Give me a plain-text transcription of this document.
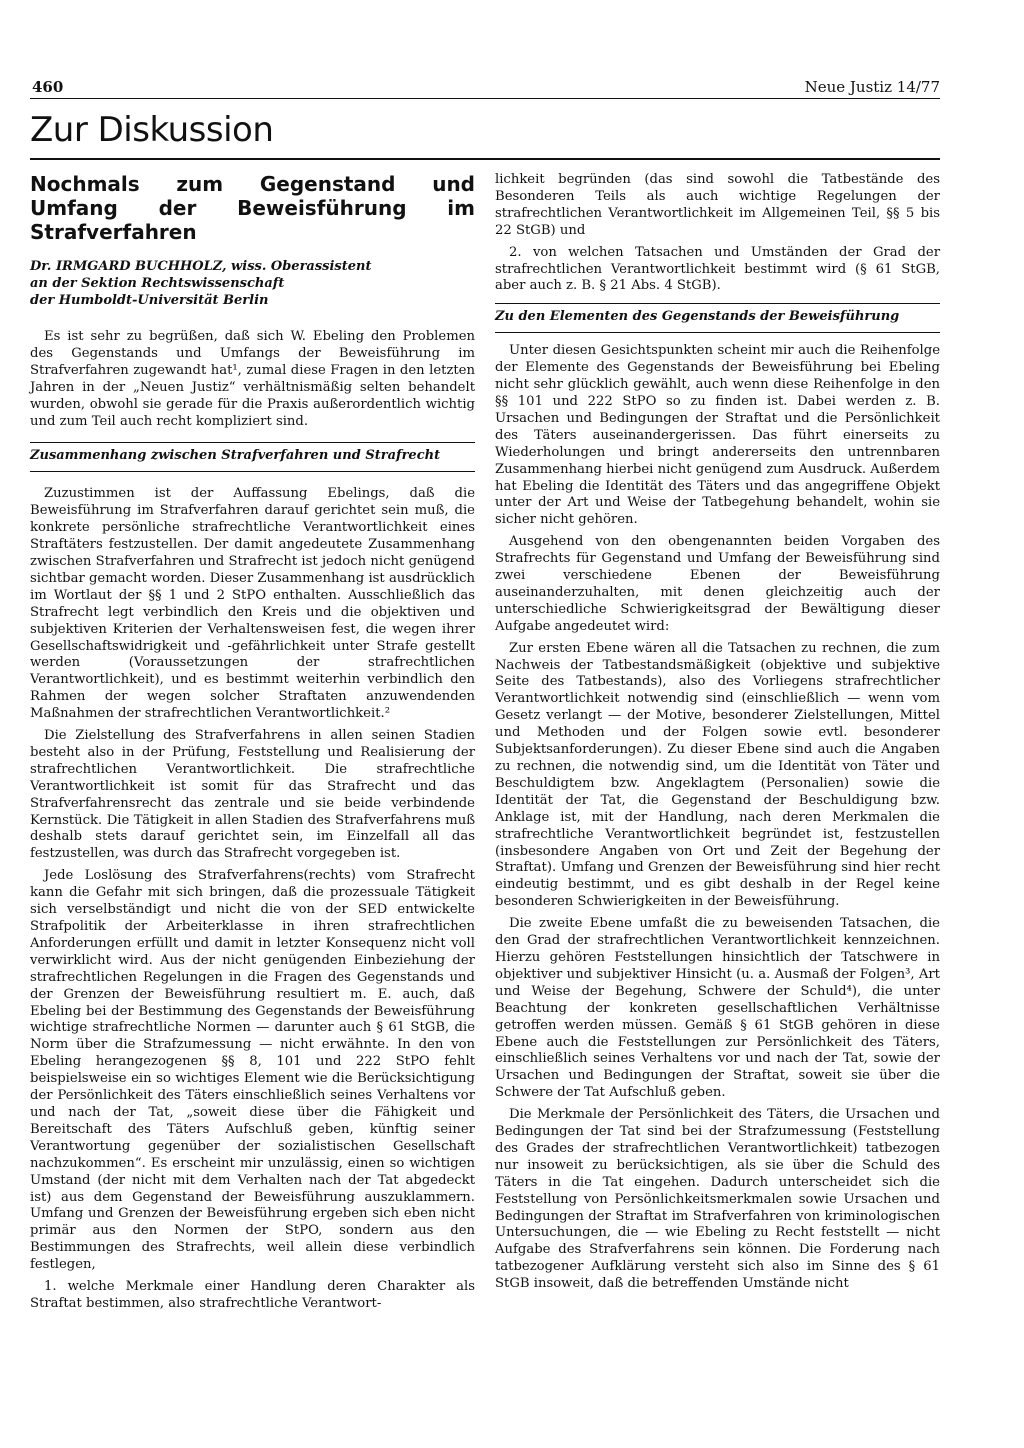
460	Neue Justiz 14/77
Zur Diskussion
Nochmals zum Gegenstand und Umfang der Beweisführung im Strafverfahren
Dr. IRMGARD BUCHHOLZ, wiss. Oberassistent
an der Sektion Rechtswissenschaft
der Humboldt-Universität Berlin

Es ist sehr zu begrüßen, daß sich W. Ebeling den Problemen des Gegenstands und Umfangs der Beweisführung im Strafverfahren zugewandt hat¹, zumal diese Fragen in den letzten Jahren in der „Neuen Justiz“ verhältnismäßig selten behandelt wurden, obwohl sie gerade für die Praxis außerordentlich wichtig und zum Teil auch recht kompliziert sind.

Zusammenhang zwischen Strafverfahren und Strafrecht

Zuzustimmen ist der Auffassung Ebelings, daß die Beweisführung im Strafverfahren darauf gerichtet sein muß, die konkrete persönliche strafrechtliche Verantwortlichkeit eines Straftäters festzustellen. Der damit angedeutete Zusammenhang zwischen Strafverfahren und Strafrecht ist jedoch nicht genügend sichtbar gemacht worden. Dieser Zusammenhang ist ausdrücklich im Wortlaut der §§ 1 und 2 StPO enthalten. Ausschließlich das Strafrecht legt verbindlich den Kreis und die objektiven und subjektiven Kriterien der Verhaltensweisen fest, die wegen ihrer Gesellschaftswidrigkeit und -gefährlichkeit unter Strafe gestellt werden (Voraussetzungen der strafrechtlichen Verantwortlichkeit), und es bestimmt weiterhin verbindlich den Rahmen der wegen solcher Straftaten anzuwendenden Maßnahmen der strafrechtlichen Verantwortlichkeit.²

Die Zielstellung des Strafverfahrens in allen seinen Stadien besteht also in der Prüfung, Feststellung und Realisierung der strafrechtlichen Verantwortlichkeit. Die strafrechtliche Verantwortlichkeit ist somit für das Strafrecht und das Strafverfahrensrecht das zentrale und sie beide verbindende Kernstück. Die Tätigkeit in allen Stadien des Strafverfahrens muß deshalb stets darauf gerichtet sein, im Einzelfall all das festzustellen, was durch das Strafrecht vorgegeben ist.

Jede Loslösung des Strafverfahrens(rechts) vom Strafrecht kann die Gefahr mit sich bringen, daß die prozessuale Tätigkeit sich verselbständigt und nicht die von der SED entwickelte Strafpolitik der Arbeiterklasse in ihren strafrechtlichen Anforderungen erfüllt und damit in letzter Konsequenz nicht voll verwirklicht wird. Aus der nicht genügenden Einbeziehung der strafrechtlichen Regelungen in die Fragen des Gegenstands und der Grenzen der Beweisführung resultiert m. E. auch, daß Ebeling bei der Bestimmung des Gegenstands der Beweisführung wichtige strafrechtliche Normen — darunter auch § 61 StGB, die Norm über die Strafzumessung — nicht erwähnte. In den von Ebeling herangezogenen §§ 8, 101 und 222 StPO fehlt beispielsweise ein so wichtiges Element wie die Berücksichtigung der Persönlichkeit des Täters einschließlich seines Verhaltens vor und nach der Tat, „soweit diese über die Fähigkeit und Bereitschaft des Täters Aufschluß geben, künftig seiner Verantwortung gegenüber der sozialistischen Gesellschaft nachzukommen“. Es erscheint mir unzulässig, einen so wichtigen Umstand (der nicht mit dem Verhalten nach der Tat abgedeckt ist) aus dem Gegenstand der Beweisführung auszuklammern. Umfang und Grenzen der Beweisführung ergeben sich eben nicht primär aus den Normen der StPO, sondern aus den Bestimmungen des Strafrechts, weil allein diese verbindlich festlegen,

1. welche Merkmale einer Handlung deren Charakter als Straftat bestimmen, also strafrechtliche Verantwort-

lichkeit begründen (das sind sowohl die Tatbestände des Besonderen Teils als auch wichtige Regelungen der strafrechtlichen Verantwortlichkeit im Allgemeinen Teil, §§ 5 bis 22 StGB) und

2. von welchen Tatsachen und Umständen der Grad der strafrechtlichen Verantwortlichkeit bestimmt wird (§ 61 StGB, aber auch z. B. § 21 Abs. 4 StGB).

Zu den Elementen des Gegenstands der Beweisführung

Unter diesen Gesichtspunkten scheint mir auch die Reihenfolge der Elemente des Gegenstands der Beweisführung bei Ebeling nicht sehr glücklich gewählt, auch wenn diese Reihenfolge in den §§ 101 und 222 StPO so zu finden ist. Dabei werden z. B. Ursachen und Bedingungen der Straftat und die Persönlichkeit des Täters auseinandergerissen. Das führt einerseits zu Wiederholungen und bringt andererseits den untrennbaren Zusammenhang hierbei nicht genügend zum Ausdruck. Außerdem hat Ebeling die Identität des Täters und das angegriffene Objekt unter der Art und Weise der Tatbegehung behandelt, wohin sie sicher nicht gehören.

Ausgehend von den obengenannten beiden Vorgaben des Strafrechts für Gegenstand und Umfang der Beweisführung sind zwei verschiedene Ebenen der Beweisführung auseinanderzuhalten, mit denen gleichzeitig auch der unterschiedliche Schwierigkeitsgrad der Bewältigung dieser Aufgabe angedeutet wird:

Zur ersten Ebene wären all die Tatsachen zu rechnen, die zum Nachweis der Tatbestandsmäßigkeit (objektive und subjektive Seite des Tatbestands), also des Vorliegens strafrechtlicher Verantwortlichkeit notwendig sind (einschließlich — wenn vom Gesetz verlangt — der Motive, besonderer Zielstellungen, Mittel und Methoden und der Folgen sowie evtl. besonderer Subjektsanforderungen). Zu dieser Ebene sind auch die Angaben zu rechnen, die notwendig sind, um die Identität von Täter und Beschuldigtem bzw. Angeklagtem (Personalien) sowie die Identität der Tat, die Gegenstand der Beschuldigung bzw. Anklage ist, mit der Handlung, nach deren Merkmalen die strafrechtliche Verantwortlichkeit begründet ist, festzustellen (insbesondere Angaben von Ort und Zeit der Begehung der Straftat). Umfang und Grenzen der Beweisführung sind hier recht eindeutig bestimmt, und es gibt deshalb in der Regel keine besonderen Schwierigkeiten in der Beweisführung.

Die zweite Ebene umfaßt die zu beweisenden Tatsachen, die den Grad der strafrechtlichen Verantwortlichkeit kennzeichnen. Hierzu gehören Feststellungen hinsichtlich der Tatschwere in objektiver und subjektiver Hinsicht (u. a. Ausmaß der Folgen³, Art und Weise der Begehung, Schwere der Schuld⁴), die unter Beachtung der konkreten gesellschaftlichen Verhältnisse getroffen werden müssen. Gemäß § 61 StGB gehören in diese Ebene auch die Feststellungen zur Persönlichkeit des Täters, einschließlich seines Verhaltens vor und nach der Tat, sowie der Ursachen und Bedingungen der Straftat, soweit sie über die Schwere der Tat Aufschluß geben.

Die Merkmale der Persönlichkeit des Täters, die Ursachen und Bedingungen der Tat sind bei der Strafzumessung (Feststellung des Grades der strafrechtlichen Verantwortlichkeit) tatbezogen nur insoweit zu berücksichtigen, als sie über die Schuld des Täters in die Tat eingehen. Dadurch unterscheidet sich die Feststellung von Persönlichkeitsmerkmalen sowie Ursachen und Bedingungen der Straftat im Strafverfahren von kriminologischen Untersuchungen, die — wie Ebeling zu Recht feststellt — nicht Aufgabe des Strafverfahrens sein können. Die Forderung nach tatbezogener Aufklärung versteht sich also im Sinne des § 61 StGB insoweit, daß die betreffenden Umstände nicht
